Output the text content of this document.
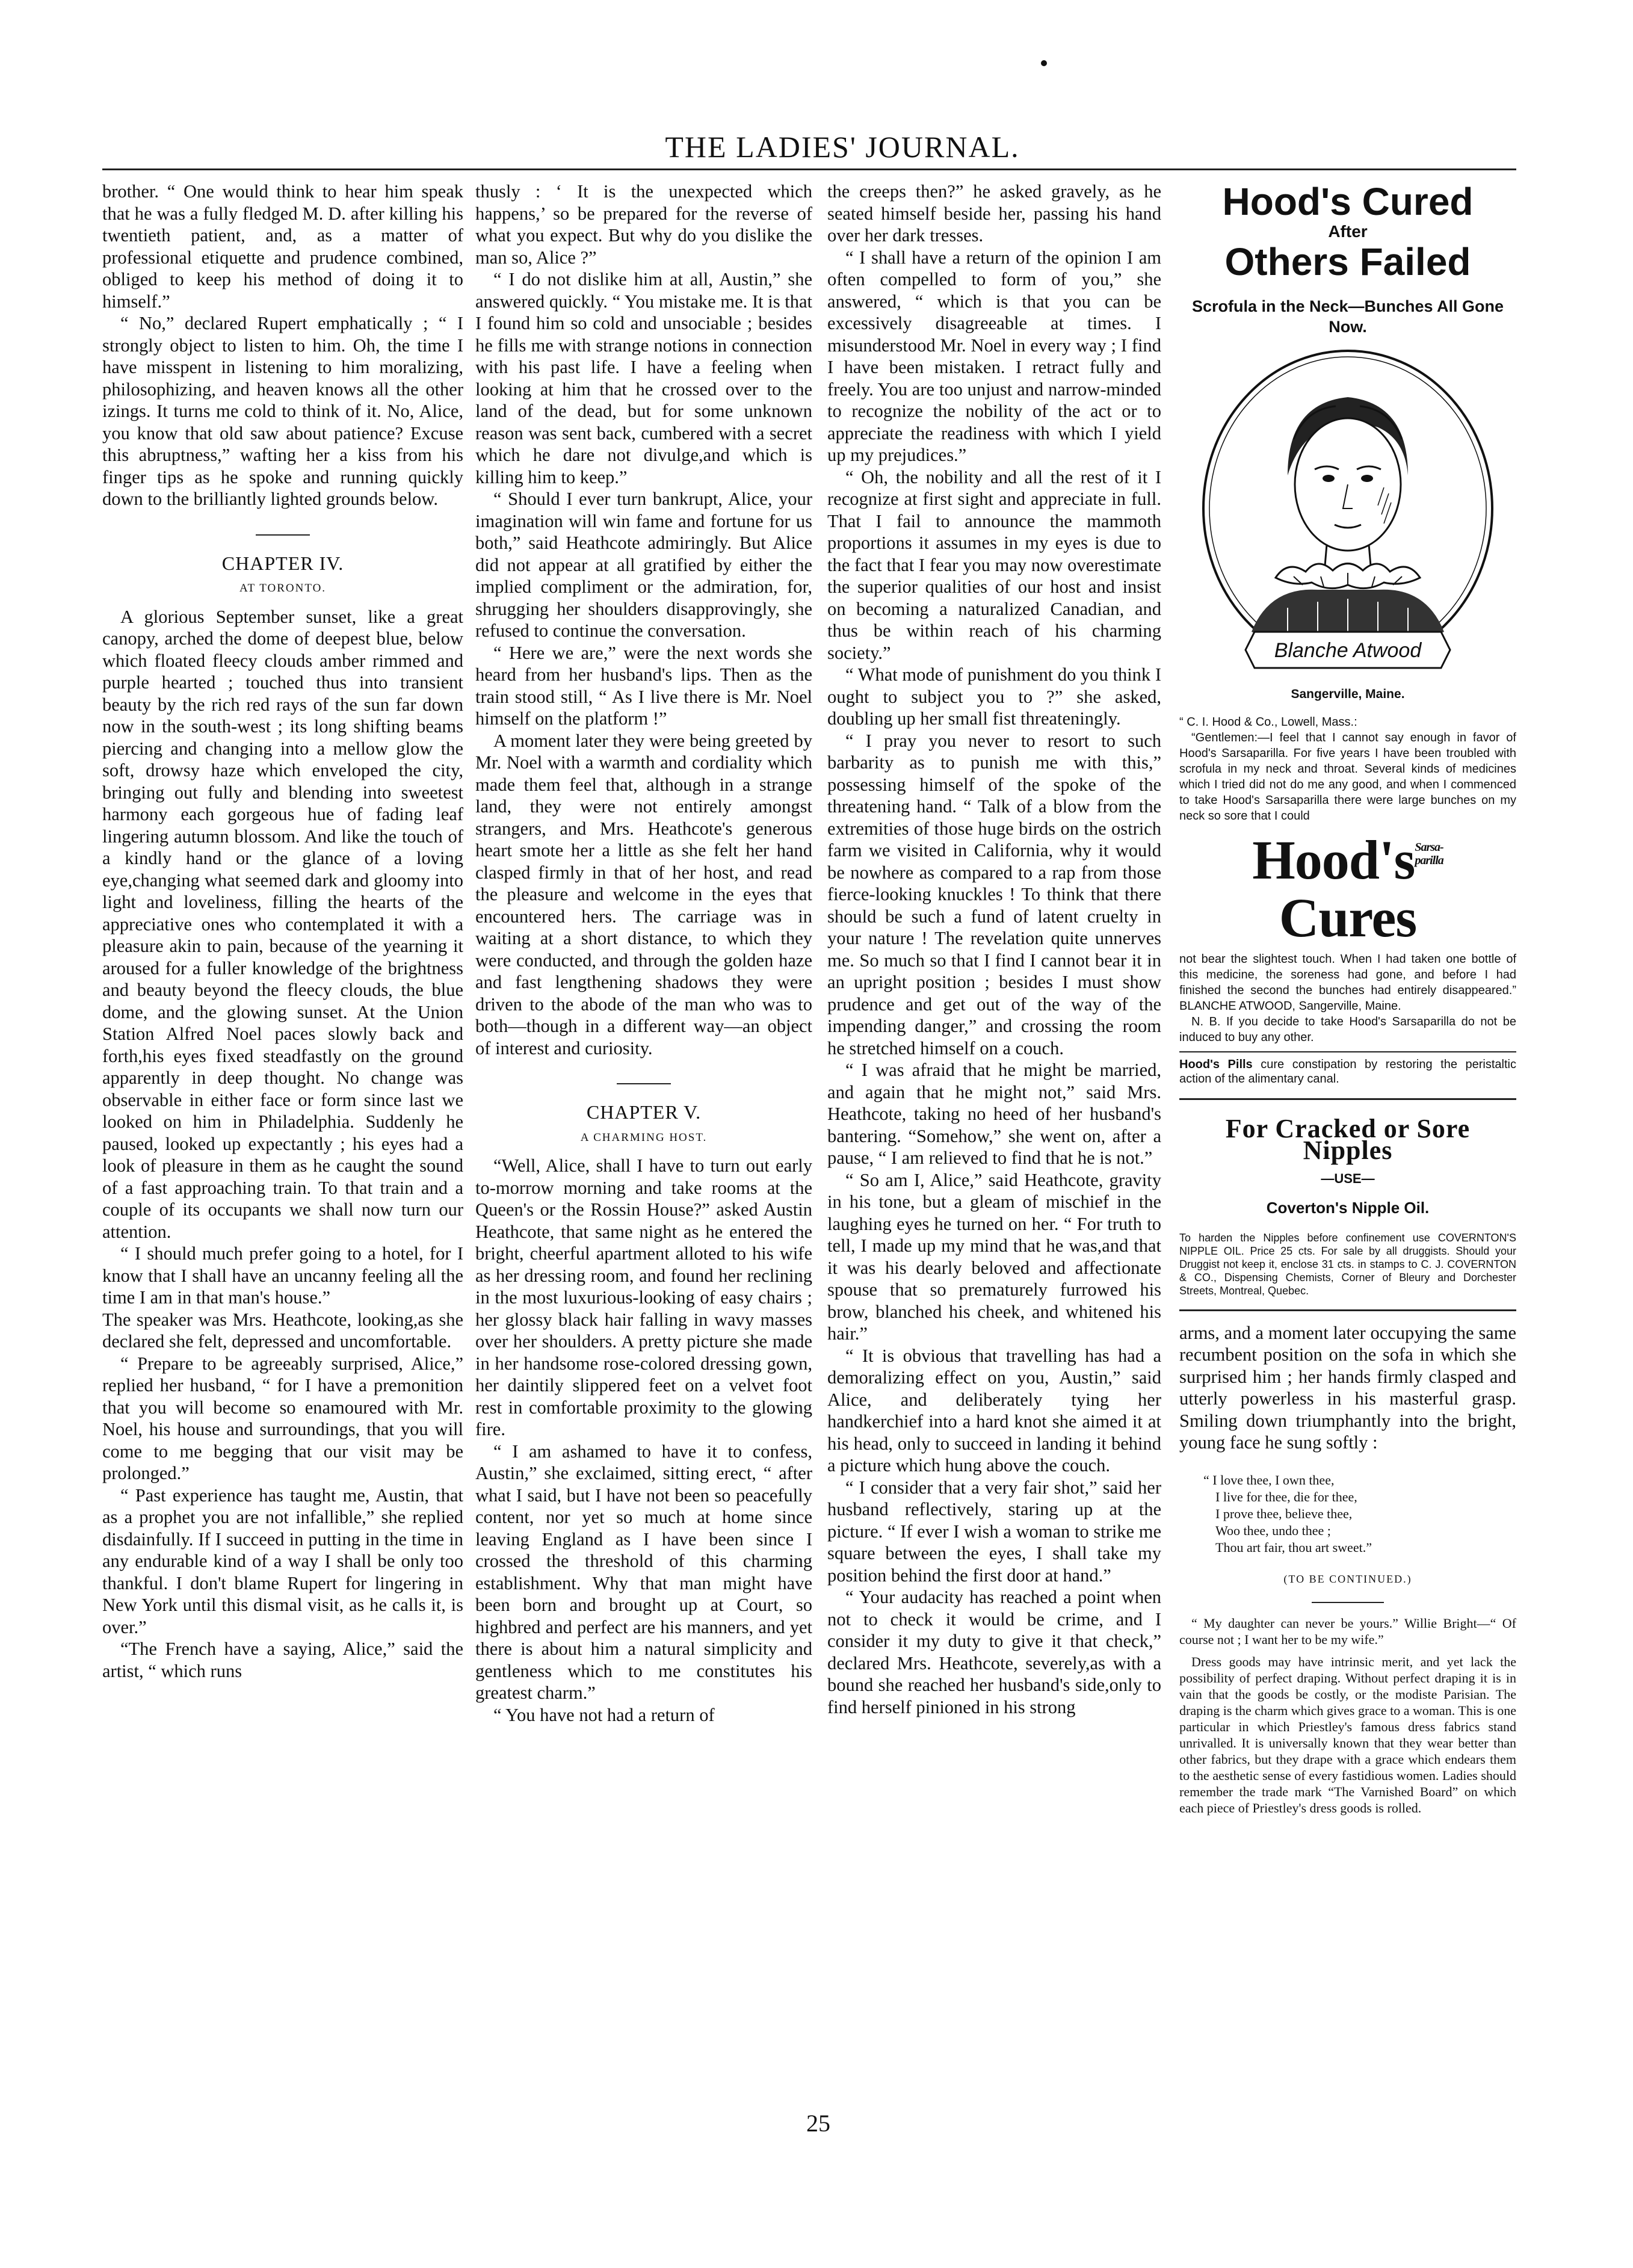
THE LADIES' JOURNAL.

brother. “ One would think to hear him speak that he was a fully fledged M. D. after killing his twentieth patient, and, as a matter of professional etiquette and prudence combined, obliged to keep his method of doing it to himself.”

“ No,” declared Rupert emphatically ; “ I strongly object to listen to him. Oh, the time I have misspent in listening to him moralizing, philosophizing, and heaven knows all the other izings. It turns me cold to think of it. No, Alice, you know that old saw about patience? Excuse this abruptness,” wafting her a kiss from his finger tips as he spoke and running quickly down to the brilliantly lighted grounds below.

CHAPTER IV.
AT TORONTO.

A glorious September sunset, like a great canopy, arched the dome of deepest blue, below which floated fleecy clouds amber rimmed and purple hearted ; touched thus into transient beauty by the rich red rays of the sun far down now in the south-west ; its long shifting beams piercing and changing into a mellow glow the soft, drowsy haze which enveloped the city, bringing out fully and blending into sweetest harmony each gorgeous hue of fading leaf lingering autumn blossom. And like the touch of a kindly hand or the glance of a loving eye,changing what seemed dark and gloomy into light and loveliness, filling the hearts of the appreciative ones who contemplated it with a pleasure akin to pain, because of the yearning it aroused for a fuller knowledge of the brightness and beauty beyond the fleecy clouds, the blue dome, and the glowing sunset. At the Union Station Alfred Noel paces slowly back and forth,his eyes fixed steadfastly on the ground apparently in deep thought. No change was observable in either face or form since last we looked on him in Philadelphia. Suddenly he paused, looked up expectantly ; his eyes had a look of pleasure in them as he caught the sound of a fast approaching train. To that train and a couple of its occupants we shall now turn our attention.

“ I should much prefer going to a hotel, for I know that I shall have an uncanny feeling all the time I am in that man's house.”

The speaker was Mrs. Heathcote, looking,as she declared she felt, depressed and uncomfortable.

“ Prepare to be agreeably surprised, Alice,” replied her husband, “ for I have a premonition that you will become so enamoured with Mr. Noel, his house and surroundings, that you will come to me begging that our visit may be prolonged.”

“ Past experience has taught me, Austin, that as a prophet you are not infallible,” she replied disdainfully. If I succeed in putting in the time in any endurable kind of a way I shall be only too thankful. I don't blame Rupert for lingering in New York until this dismal visit, as he calls it, is over.”

“The French have a saying, Alice,” said the artist, “ which runs

thusly : ‘ It is the unexpected which happens,’ so be prepared for the reverse of what you expect. But why do you dislike the man so, Alice ?”

“ I do not dislike him at all, Austin,” she answered quickly. “ You mistake me. It is that I found him so cold and unsociable ; besides he fills me with strange notions in connection with his past life. I have a feeling when looking at him that he crossed over to the land of the dead, but for some unknown reason was sent back, cumbered with a secret which he dare not divulge,and which is killing him to keep.”

“ Should I ever turn bankrupt, Alice, your imagination will win fame and fortune for us both,” said Heathcote admiringly. But Alice did not appear at all gratified by either the implied compliment or the admiration, for, shrugging her shoulders disapprovingly, she refused to continue the conversation.

“ Here we are,” were the next words she heard from her husband's lips. Then as the train stood still, “ As I live there is Mr. Noel himself on the platform !”

A moment later they were being greeted by Mr. Noel with a warmth and cordiality which made them feel that, although in a strange land, they were not entirely amongst strangers, and Mrs. Heathcote's generous heart smote her a little as she felt her hand clasped firmly in that of her host, and read the pleasure and welcome in the eyes that encountered hers. The carriage was in waiting at a short distance, to which they were conducted, and through the golden haze and fast lengthening shadows they were driven to the abode of the man who was to both—though in a different way—an object of interest and curiosity.

CHAPTER V.
A CHARMING HOST.

“Well, Alice, shall I have to turn out early to-morrow morning and take rooms at the Queen's or the Rossin House?” asked Austin Heathcote, that same night as he entered the bright, cheerful apartment alloted to his wife as her dressing room, and found her reclining in the most luxurious-looking of easy chairs ; her glossy black hair falling in wavy masses over her shoulders. A pretty picture she made in her handsome rose-colored dressing gown, her daintily slippered feet on a velvet foot rest in comfortable proximity to the glowing fire.

“ I am ashamed to have it to confess, Austin,” she exclaimed, sitting erect, “ after what I said, but I have not been so peacefully content, nor yet so much at home since leaving England as I have been since I crossed the threshold of this charming establishment. Why that man might have been born and brought up at Court, so highbred and perfect are his manners, and yet there is about him a natural simplicity and gentleness which to me constitutes his greatest charm.”

“ You have not had a return of

the creeps then?” he asked gravely, as he seated himself beside her, passing his hand over her dark tresses.

“ I shall have a return of the opinion I am often compelled to form of you,” she answered, “ which is that you can be excessively disagreeable at times. I misunderstood Mr. Noel in every way ; I find I have been mistaken. I retract fully and freely. You are too unjust and narrow-minded to recognize the nobility of the act or to appreciate the readiness with which I yield up my prejudices.”

“ Oh, the nobility and all the rest of it I recognize at first sight and appreciate in full. That I fail to announce the mammoth proportions it assumes in my eyes is due to the fact that I fear you may now overestimate the superior qualities of our host and insist on becoming a naturalized Canadian, and thus be within reach of his charming society.”

“ What mode of punishment do you think I ought to subject you to ?” she asked, doubling up her small fist threateningly.

“ I pray you never to resort to such barbarity as to punish me with this,” possessing himself of the spoke of the threatening hand. “ Talk of a blow from the extremities of those huge birds on the ostrich farm we visited in California, why it would be nowhere as compared to a rap from those fierce-looking knuckles ! To think that there should be such a fund of latent cruelty in your nature ! The revelation quite unnerves me. So much so that I find I cannot bear it in an upright position ; besides I must show prudence and get out of the way of the impending danger,” and crossing the room he stretched himself on a couch.

“ I was afraid that he might be married, and again that he might not,” said Mrs. Heathcote, taking no heed of her husband's bantering. “Somehow,” she went on, after a pause, “ I am relieved to find that he is not.”

“ So am I, Alice,” said Heathcote, gravity in his tone, but a gleam of mischief in the laughing eyes he turned on her. “ For truth to tell, I made up my mind that he was,and that it was his dearly beloved and affectionate spouse that so prematurely furrowed his brow, blanched his cheek, and whitened his hair.”

“ It is obvious that travelling has had a demoralizing effect on you, Austin,” said Alice, and deliberately tying her handkerchief into a hard knot she aimed it at his head, only to succeed in landing it behind a picture which hung above the couch.

“ I consider that a very fair shot,” said her husband reflectively, staring up at the picture. “ If ever I wish a woman to strike me square between the eyes, I shall take my position behind the first door at hand.”

“ Your audacity has reached a point when not to check it would be crime, and I consider it my duty to give it that check,” declared Mrs. Heathcote, severely,as with a bound she reached her husband's side,only to find herself pinioned in his strong

Hood's Cured
After
Others Failed
Scrofula in the Neck—Bunches All Gone Now.
Blanche Atwood
Sangerville, Maine.

“ C. I. Hood & Co., Lowell, Mass.:

“Gentlemen:—I feel that I cannot say enough in favor of Hood's Sarsaparilla. For five years I have been troubled with scrofula in my neck and throat. Several kinds of medicines which I tried did not do me any good, and when I commenced to take Hood's Sarsaparilla there were large bunches on my neck so sore that I could

Hood'sSarsa-
parilla Cures

not bear the slightest touch. When I had taken one bottle of this medicine, the soreness had gone, and before I had finished the second the bunches had entirely disappeared.” BLANCHE ATWOOD, Sangerville, Maine.

N. B. If you decide to take Hood's Sarsaparilla do not be induced to buy any other.

Hood's Pills cure constipation by restoring the peristaltic action of the alimentary canal.
For Cracked or Sore Nipples
—USE—
Coverton's Nipple Oil.
To harden the Nipples before confinement use COVERNTON'S NIPPLE OIL. Price 25 cts. For sale by all druggists. Should your Druggist not keep it, enclose 31 cts. in stamps to C. J. COVERNTON & CO., Dispensing Chemists, Corner of Bleury and Dorchester Streets, Montreal, Quebec.

arms, and a moment later occupying the same recumbent position on the sofa in which she surprised him ; her hands firmly clasped and utterly powerless in his masterful grasp. Smiling down triumphantly into the bright, young face he sung softly :

“ I love thee, I own thee,
I live for thee, die for thee,
I prove thee, believe thee,
Woo thee, undo thee ;
Thou art fair, thou art sweet.”
(TO BE CONTINUED.)

“ My daughter can never be yours.” Willie Bright—“ Of course not ; I want her to be my wife.”

Dress goods may have intrinsic merit, and yet lack the possibility of perfect draping. Without perfect draping it is in vain that the goods be costly, or the modiste Parisian. The draping is the charm which gives grace to a woman. This is one particular in which Priestley's famous dress fabrics stand unrivalled. It is universally known that they wear better than other fabrics, but they drape with a grace which endears them to the aesthetic sense of every fastidious women. Ladies should remember the trade mark “The Varnished Board” on which each piece of Priestley's dress goods is rolled.

25
